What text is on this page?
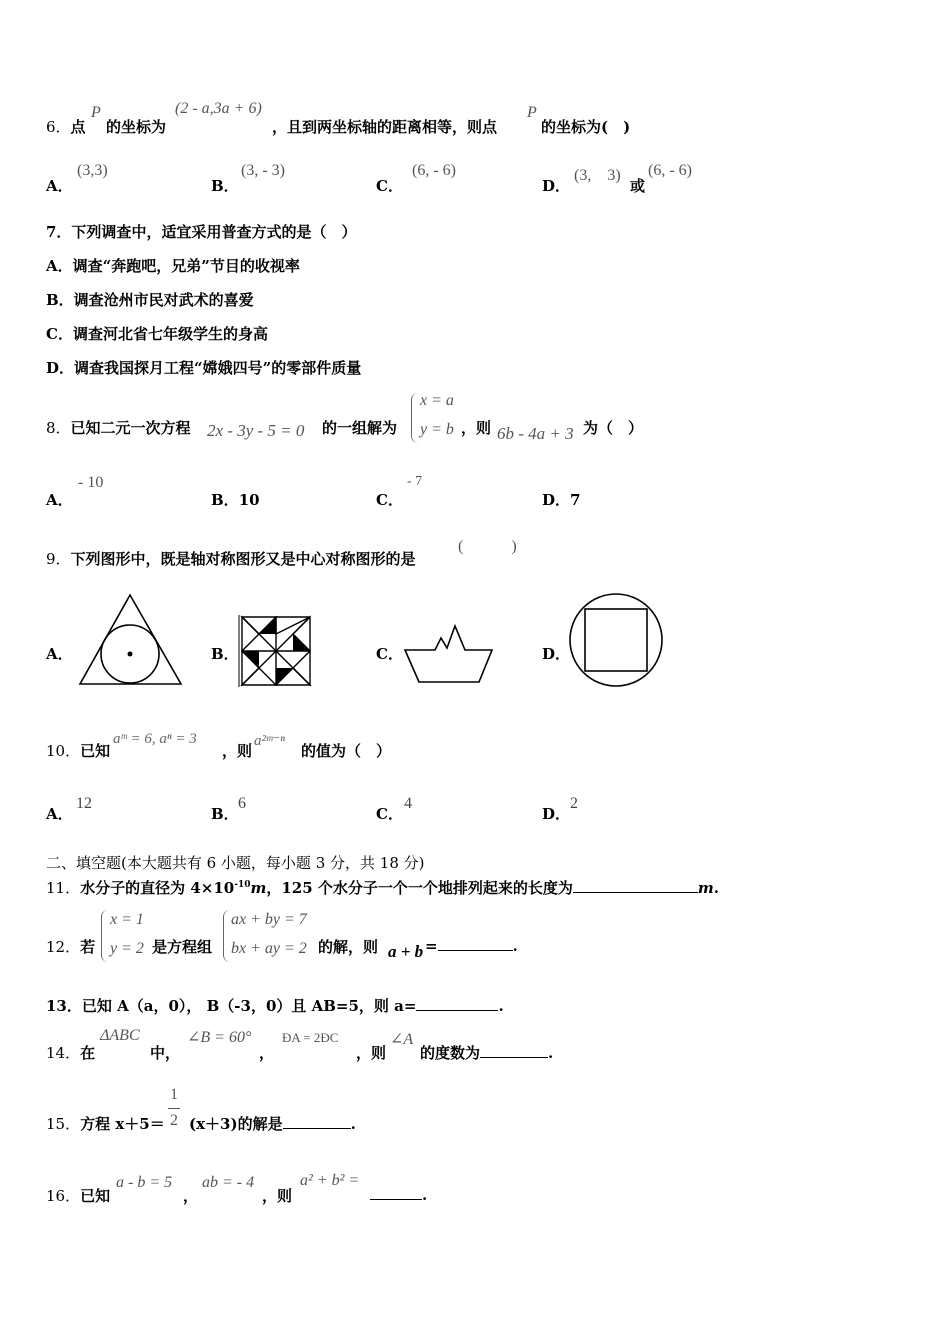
6．点
P
的坐标为
(2 - a,3a + 6)
，且到两坐标轴的距离相等，则点
P
的坐标为(　)
A．
(3,3)
B．
(3, - 3)
C．
(6, - 6)
D．
(3,　3)
或
(6, - 6)
7．下列调查中，适宜采用普查方式的是（　）
A．调查“奔跑吧，兄弟”节目的收视率
B．调查沧州市民对武术的喜爱
C．调查河北省七年级学生的身高
D．调查我国探月工程“嫦娥四号”的零部件质量
8．已知二元一次方程 2x - 3y - 5 = 0 的一组解为
x = a
y = b ，则 6b - 4a + 3 为（　）
A．
- 10
B．10	C．
- 7
D．7
9．下列图形中，既是轴对称图形又是中心对称图形的是
(　　　)
A．	B．	C．	D．
10．已知
aᵐ = 6, aⁿ = 3
，则
a²ᵐ⁻ⁿ
的值为（　）
A．
12
B．
6
C．
4
D．
2
二、填空题(本大题共有 6 小题，每小题 3 分，共 18 分)
11．水分子的直径为 $4\times 10^{-10}m$，125 个水分子一个一个地排列起来的长度为	m.
12．若
x = 1
y = 2 是方程组
ax + by = 7
bx + ay = 2 的解，则 a + b =	.
13．已知 A（a，0）， B（-3，0）且 AB=5，则 a=	.
14．在
ΔABC
中，
∠B = 60°
，
ÐA = 2ÐC
，则
∠A
的度数为	.
15．方程 x＋5＝
1
2 (x＋3)的解是	.
16．已知
a - b = 5
，
ab = - 4
，则
a² + b² =
.
